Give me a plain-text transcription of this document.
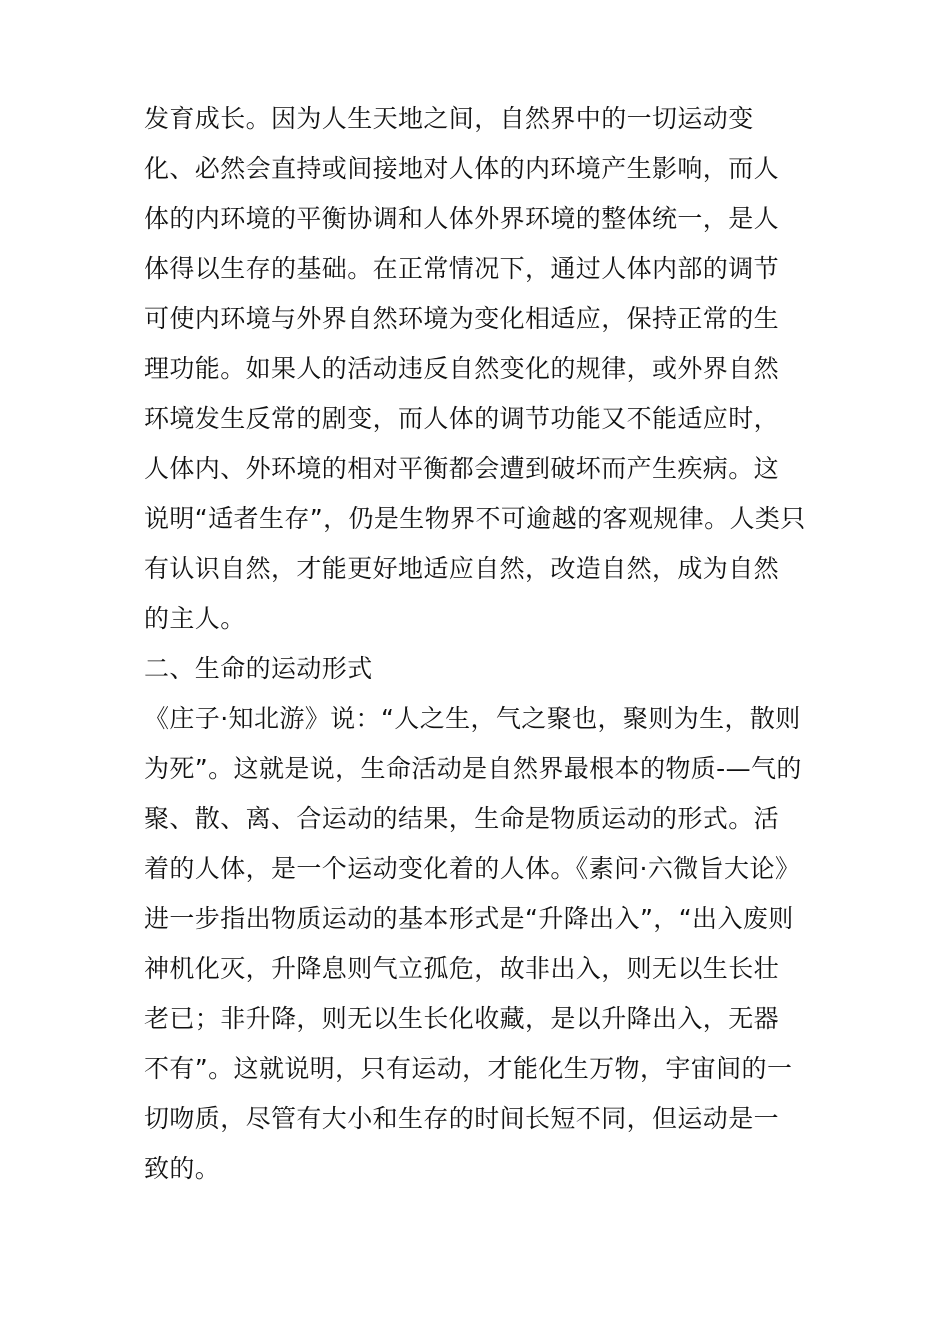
发育成长。因为人生天地之间，自然界中的一切运动变
化、必然会直持或间接地对人体的内环境产生影响，而人
体的内环境的平衡协调和人体外界环境的整体统一，是人
体得以生存的基础。在正常情况下，通过人体内部的调节
可使内环境与外界自然环境为变化相适应，保持正常的生
理功能。如果人的活动违反自然变化的规律，或外界自然
环境发生反常的剧变，而人体的调节功能又不能适应时，
人体内、外环境的相对平衡都会遭到破坏而产生疾病。这
说明“适者生存”，仍是生物界不可逾越的客观规律。人类只
有认识自然，才能更好地适应自然，改造自然，成为自然
的主人。
二、生命的运动形式
《庄子·知北游》说：“人之生，气之聚也，聚则为生，散则
为死”。这就是说，生命活动是自然界最根本的物质-—气的
聚、散、离、合运动的结果，生命是物质运动的形式。活
着的人体，是一个运动变化着的人体。《素问·六微旨大论》
进一步指出物质运动的基本形式是“升降出入”，“出入废则
神机化灭，升降息则气立孤危，故非出入，则无以生长壮
老已；非升降，则无以生长化收藏，是以升降出入，无器
不有”。这就说明，只有运动，才能化生万物，宇宙间的一
切吻质，尽管有大小和生存的时间长短不同，但运动是一
致的。
